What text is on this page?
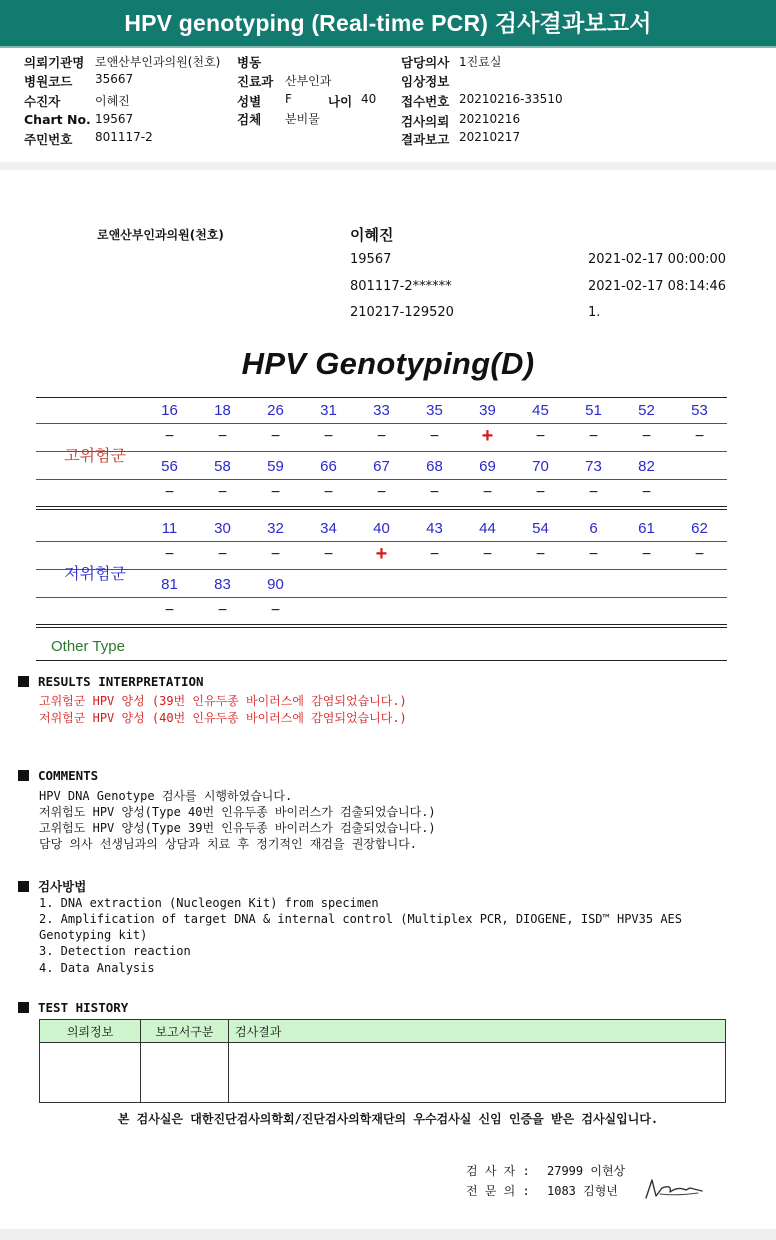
HPV genotyping (Real-time PCR) 검사결과보고서
의뢰기관명 로앤산부인과의원(천호)
병원코드 35667
수진자	이혜진
Chart No. 19567
주민번호 801117-2
병동
진료과 산부인과
성별 F	나이 40
검체 분비물
담당의사 1진료실
임상정보
접수번호 20210216-33510
검사의뢰 20210216
결과보고 20210217
로앤산부인과의원(천호)	이혜진
19567
801117-2******
210217-129520
2021-02-17 00:00:00
2021-02-17 08:14:46
1.
HPV Genotyping(D)
고위험군
저위험군
16	18	26	31	33	35	39	45	51	52	53
−	−	−	−	−	−	+	−	−	−	−
56	58	59	66	67	68	69	70	73	82
−	−	−	−	−	−	−	−	−	−
11	30	32	34	40	43	44	54	6	61	62
−	−	−	−	+	−	−	−	−	−	−
81	83	90
−	−	−
Other Type
RESULTS INTERPRETATION
고위험군 HPV 양성 (39번 인유두종 바이러스에 감염되었습니다.)
저위험군 HPV 양성 (40번 인유두종 바이러스에 감염되었습니다.)
COMMENTS
HPV DNA Genotype 검사를 시행하였습니다.
저위험도 HPV 양성(Type 40번 인유두종 바이러스가 검출되었습니다.)
고위험도 HPV 양성(Type 39번 인유두종 바이러스가 검출되었습니다.)
담당 의사 선생님과의 상담과 치료 후 정기적인 재검을 권장합니다.
검사방법
1. DNA extraction (Nucleogen Kit) from specimen
2. Amplification of target DNA & internal control (Multiplex PCR, DIOGENE, ISD™ HPV35 AES
Genotyping kit)
3. Detection reaction
4. Data Analysis
TEST HISTORY
의뢰정보	보고서구분	검사결과

본 검사실은 대한진단검사의학회/진단검사의학재단의 우수검사실 신임 인증을 받은 검사실입니다.
검 사 자 : 27999 이현상
전 문 의 : 1083 김형년
